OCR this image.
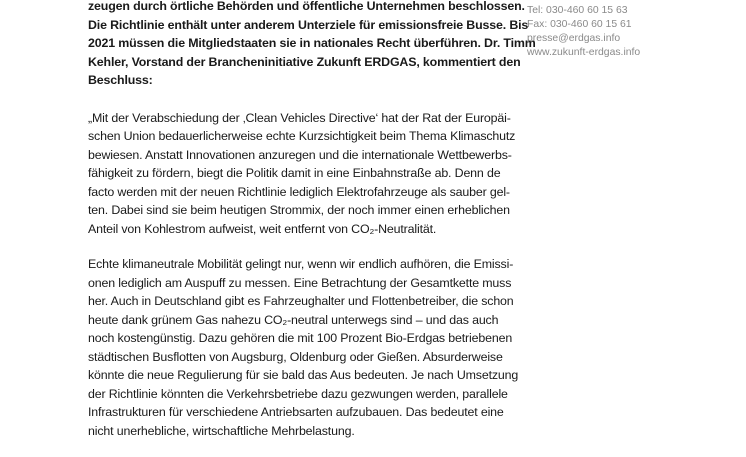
zeugen durch örtliche Behörden und öffentliche Unternehmen beschlossen.
Die Richtlinie enthält unter anderem Unterziele für emissionsfreie Busse. Bis
2021 müssen die Mitgliedstaaten sie in nationales Recht überführen. Dr. Timm
Kehler, Vorstand der Brancheninitiative Zukunft ERDGAS, kommentiert den
Beschluss:
„Mit der Verabschiedung der ‚Clean Vehicles Directive‘ hat der Rat der Europäi-
schen Union bedauerlicherweise echte Kurzsichtigkeit beim Thema Klimaschutz
bewiesen. Anstatt Innovationen anzuregen und die internationale Wettbewerbs-
fähigkeit zu fördern, biegt die Politik damit in eine Einbahnstraße ab. Denn de
facto werden mit der neuen Richtlinie lediglich Elektrofahrzeuge als sauber gel-
ten. Dabei sind sie beim heutigen Strommix, der noch immer einen erheblichen
Anteil von Kohlestrom aufweist, weit entfernt von CO₂-Neutralität.
Echte klimaneutrale Mobilität gelingt nur, wenn wir endlich aufhören, die Emissi-
onen lediglich am Auspuff zu messen. Eine Betrachtung der Gesamtkette muss
her. Auch in Deutschland gibt es Fahrzeughalter und Flottenbetreiber, die schon
heute dank grünem Gas nahezu CO₂-neutral unterwegs sind – und das auch
noch kostengünstig. Dazu gehören die mit 100 Prozent Bio-Erdgas betriebenen
städtischen Busflotten von Augsburg, Oldenburg oder Gießen. Absurderweise
könnte die neue Regulierung für sie bald das Aus bedeuten. Je nach Umsetzung
der Richtlinie könnten die Verkehrsbetriebe dazu gezwungen werden, parallele
Infrastrukturen für verschiedene Antriebsarten aufzubauen. Das bedeutet eine
nicht unerhebliche, wirtschaftliche Mehrbelastung.
Tel: 030-460 60 15 63
Fax: 030-460 60 15 61
presse@erdgas.info
www.zukunft-erdgas.info
